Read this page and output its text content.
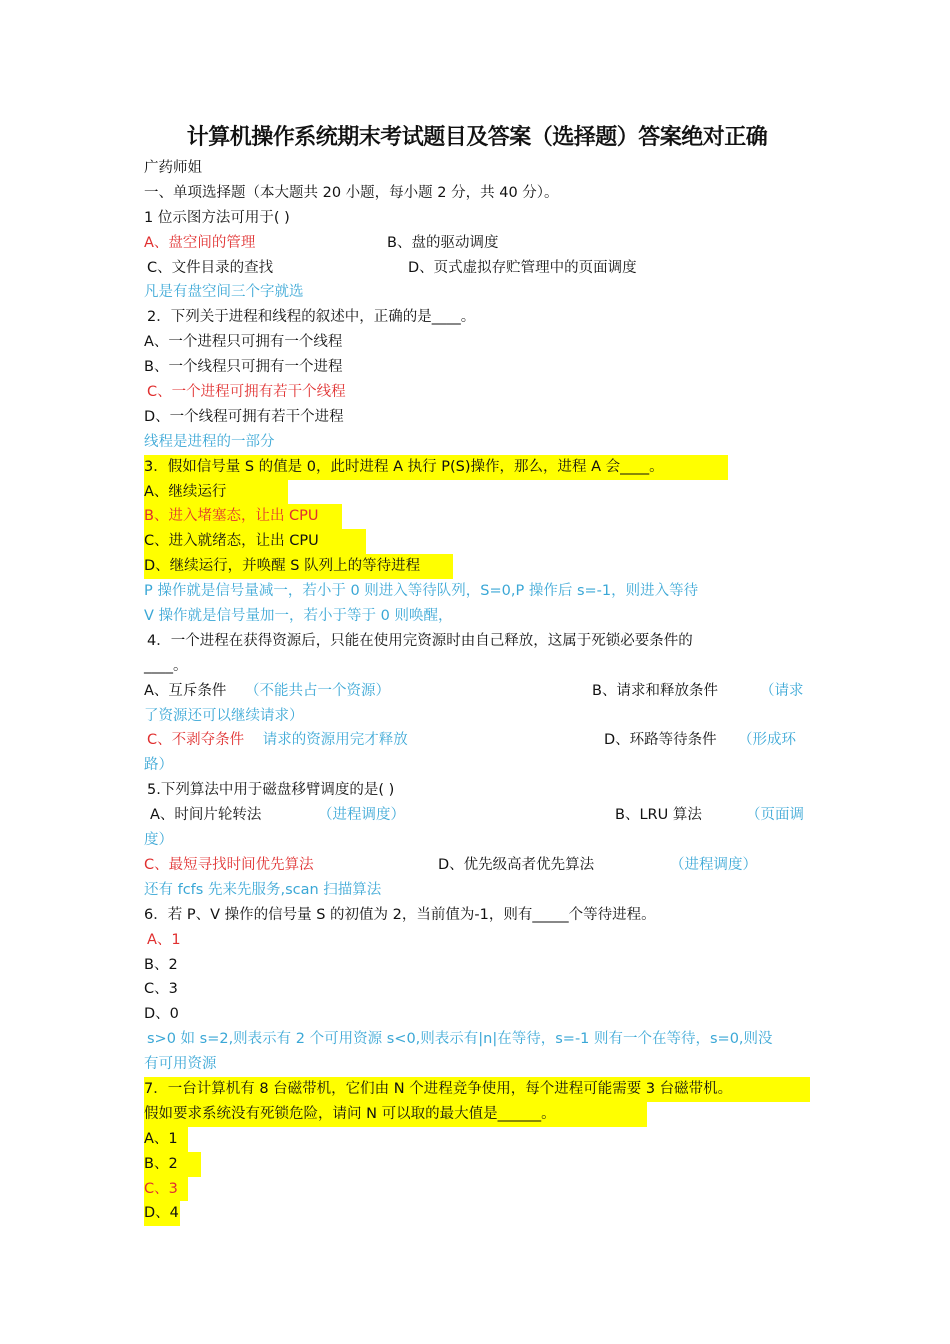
计算机操作系统期末考试题目及答案（选择题）答案绝对正确
广药师姐
一、单项选择题（本大题共 20 小题，每小题 2 分，共 40 分）。
1 位示图方法可用于( )
A、盘空间的管理	B、盘的驱动调度
C、文件目录的查找	D、页式虚拟存贮管理中的页面调度
凡是有盘空间三个字就选
2．下列关于进程和线程的叙述中，正确的是____。
A、一个进程只可拥有一个线程
B、一个线程只可拥有一个进程
C、一个进程可拥有若干个线程
D、一个线程可拥有若干个进程
线程是进程的一部分
3．假如信号量 S 的值是 0，此时进程 A 执行 P(S)操作，那么，进程 A 会____。
A、继续运行
B、进入堵塞态，让出 CPU
C、进入就绪态，让出 CPU
D、继续运行，并唤醒 S 队列上的等待进程
P 操作就是信号量减一，若小于 0 则进入等待队列，S=0,P 操作后 s=-1，则进入等待
V 操作就是信号量加一，若小于等于 0 则唤醒，
4．一个进程在获得资源后，只能在使用完资源时由自己释放，这属于死锁必要条件的
____。
A、互斥条件 （不能共占一个资源）	B、请求和释放条件	（请求
了资源还可以继续请求）
C、不剥夺条件 请求的资源用完才释放	D、环路等待条件 （形成环
路）
5.下列算法中用于磁盘移臂调度的是( )
A、时间片轮转法	（进程调度）	B、LRU 算法	（页面调
度）
C、最短寻找时间优先算法	D、优先级高者优先算法	（进程调度）
还有 fcfs 先来先服务,scan 扫描算法
6．若 P、V 操作的信号量 S 的初值为 2，当前值为-1，则有_____个等待进程。
A、1
B、2
C、3
D、0
s>0 如 s=2,则表示有 2 个可用资源 s<0,则表示有|n|在等待，s=-1 则有一个在等待，s=0,则没
有可用资源
7．一台计算机有 8 台磁带机，它们由 N 个进程竞争使用，每个进程可能需要 3 台磁带机。
假如要求系统没有死锁危险，请问 N 可以取的最大值是______。
A、1
B、2
C、3
D、4
